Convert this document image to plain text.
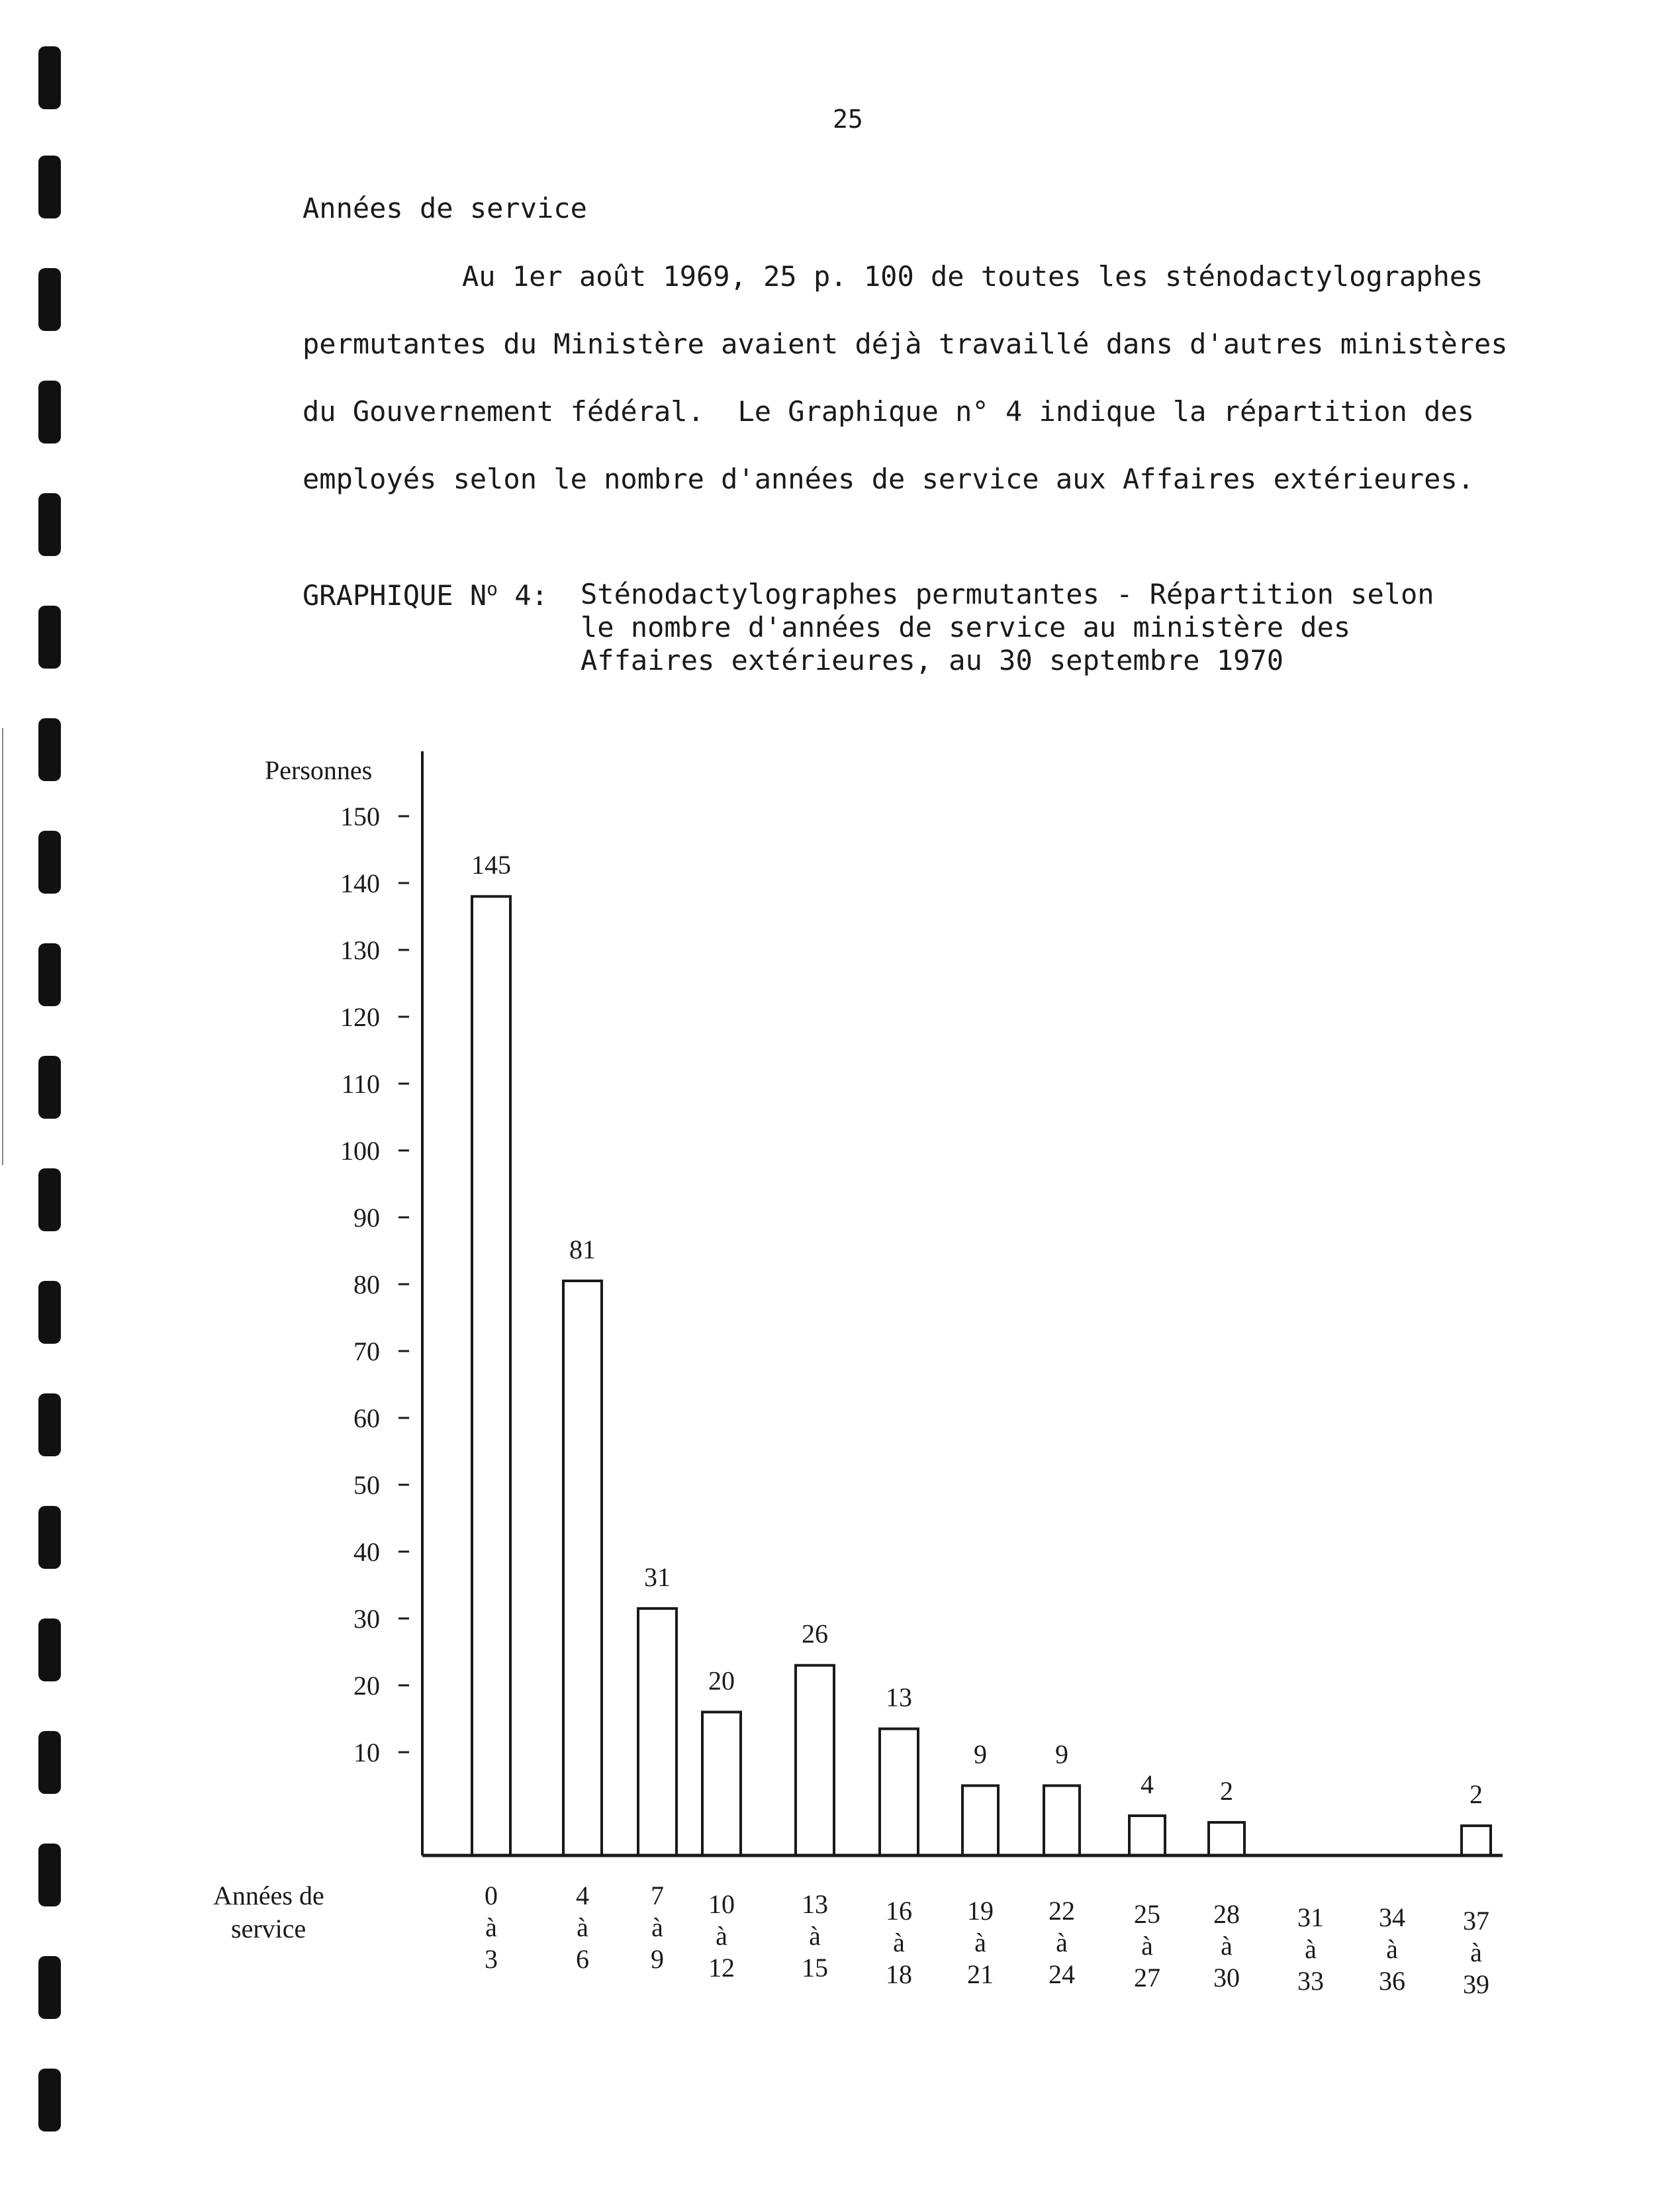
25
Années de service
Au 1er août 1969, 25 p. 100 de toutes les sténodactylographes
permutantes du Ministère avaient déjà travaillé dans d'autres ministères
du Gouvernement fédéral.  Le Graphique n° 4 indique la répartition des
employés selon le nombre d'années de service aux Affaires extérieures.
GRAPHIQUE $N^o$ 4: Sténodactylographes permutantes - Répartition selon
le nombre d'années de service au ministère des
Affaires extérieures, au 30 septembre 1970
10
20
30
40
50
60
70
80
90
100
110
120
130
140
150
145
81
31
20
26
13
9	9
4	2	2
0
à
3
4
à
6
7
à
9
10
à
12
13
à
15
16
à
18
19
à
21
22
à
24
25
à
27
28
à
30
31
à
33
34
à
36
37
à
39
Personnes
Années de
service
